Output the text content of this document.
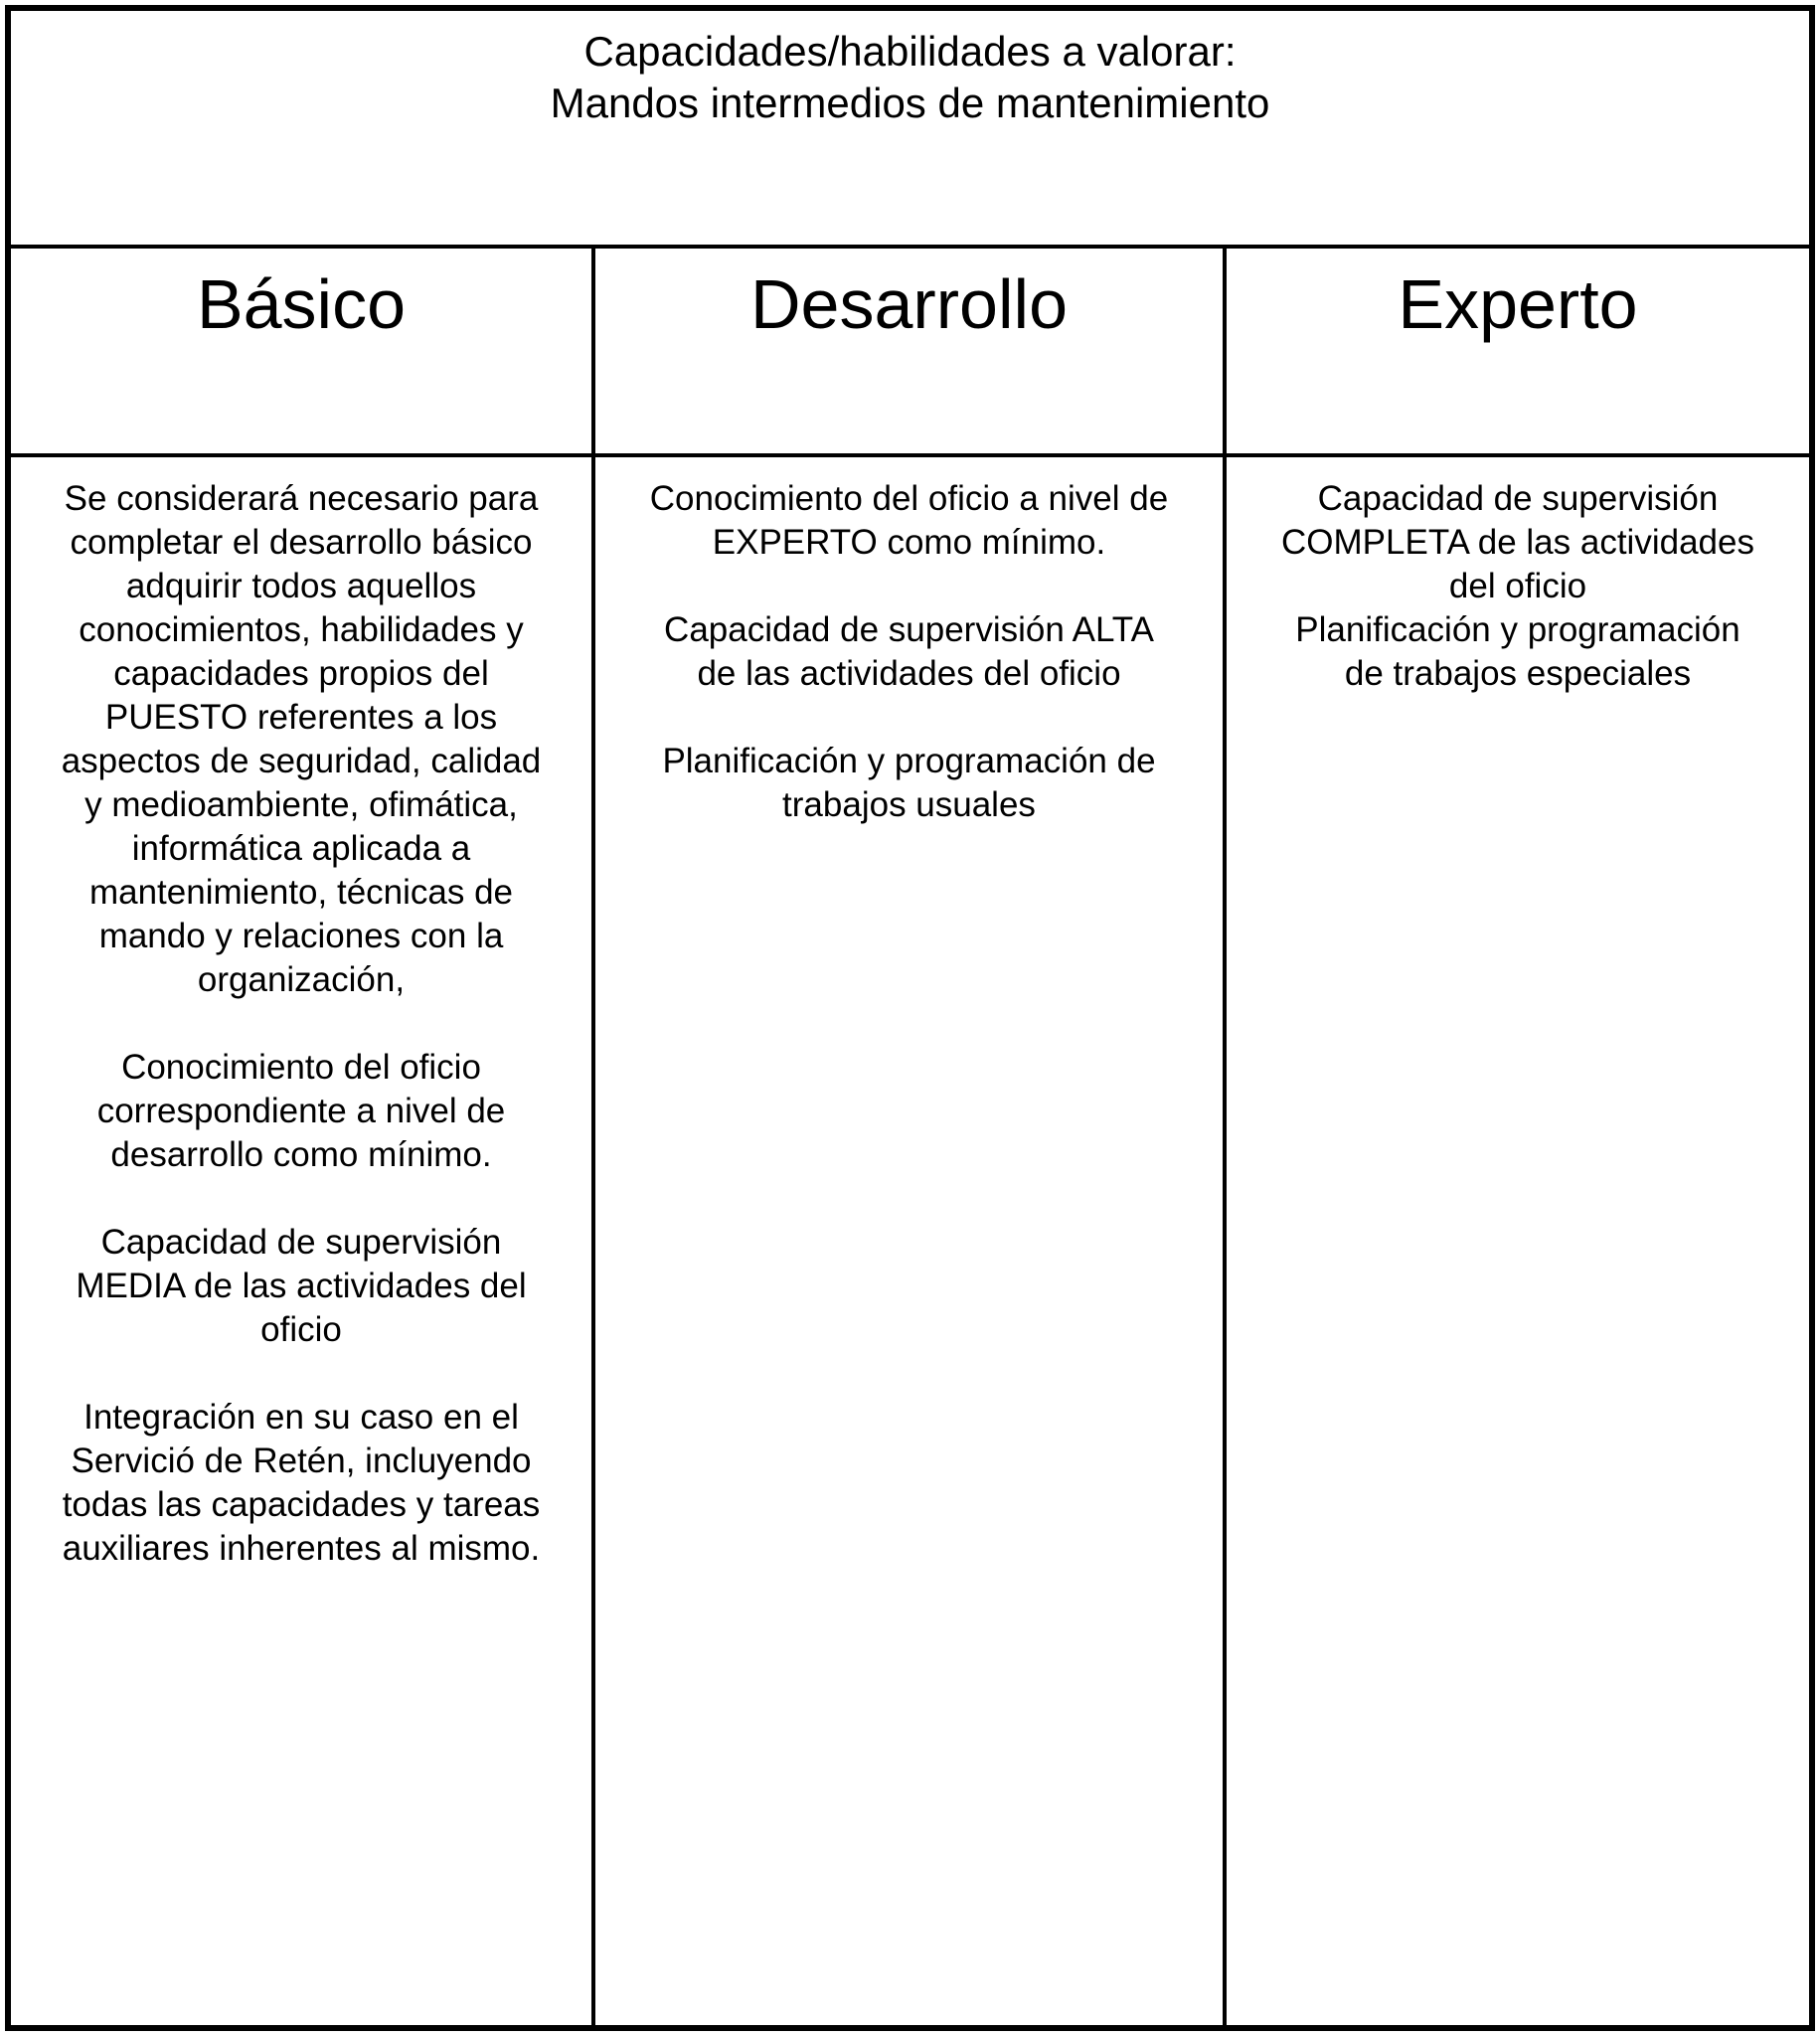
Capacidades/habilidades a valorar:
Mandos intermedios de mantenimiento
Básico

Se considerará necesario para
completar el desarrollo básico
adquirir todos aquellos
conocimientos, habilidades y
capacidades propios del
PUESTO referentes a los
aspectos de seguridad, calidad
y medioambiente, ofimática,
informática aplicada a
mantenimiento, técnicas de
mando y relaciones con la
organización,

Conocimiento del oficio
correspondiente a nivel de
desarrollo como mínimo.

Capacidad de supervisión
MEDIA de las actividades del
oficio

Integración en su caso en el
Servició de Retén, incluyendo
todas las capacidades y tareas
auxiliares inherentes al mismo.

Desarrollo

Conocimiento del oficio a nivel de
EXPERTO como mínimo.

Capacidad de supervisión ALTA
de las actividades del oficio

Planificación y programación de
trabajos usuales

Experto

Capacidad de supervisión
COMPLETA de las actividades
del oficio
Planificación y programación
de trabajos especiales
